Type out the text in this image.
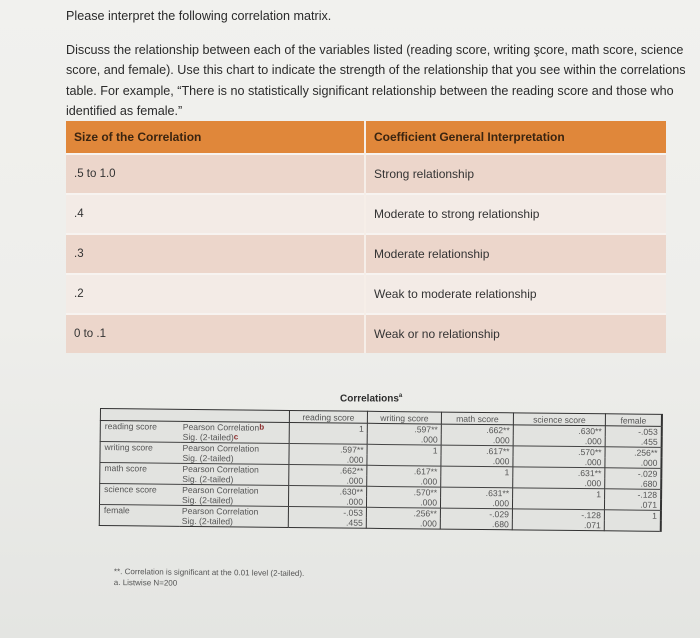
Please interpret the following correlation matrix.

Discuss the relationship between each of the variables listed (reading score, writing şcore, math score, science score, and female). Use this chart to indicate the strength of the relationship that you see within the correlations table. For example, “There is no statistically significant relationship between the reading score and those who identified as female.”

Size of the Correlation	Coefficient General Interpretation
.5 to 1.0	Strong relationship
.4	Moderate to strong relationship
.3	Moderate relationship
.2	Weak to moderate relationship
0 to .1	Weak or no relationship
Correlations$^a$
		reading score	writing score	math score	science score	female
reading score	Pearson Correlationb	1	.597**	.662**	.630**	-.053
	Sig. (2-tailed)c		.000	.000	.000	.455
writing score	Pearson Correlation	.597**	1	.617**	.570**	.256**
	Sig. (2-tailed)	.000		.000	.000	.000
math score	Pearson Correlation	.662**	.617**	1	.631**	-.029
	Sig. (2-tailed)	.000	.000		.000	.680
science score	Pearson Correlation	.630**	.570**	.631**	1	-.128
	Sig. (2-tailed)	.000	.000	.000		.071
female	Pearson Correlation	-.053	.256**	-.029	-.128	1
	Sig. (2-tailed)	.455	.000	.680	.071	
**. Correlation is significant at the 0.01 level (2-tailed).
a. Listwise N=200
